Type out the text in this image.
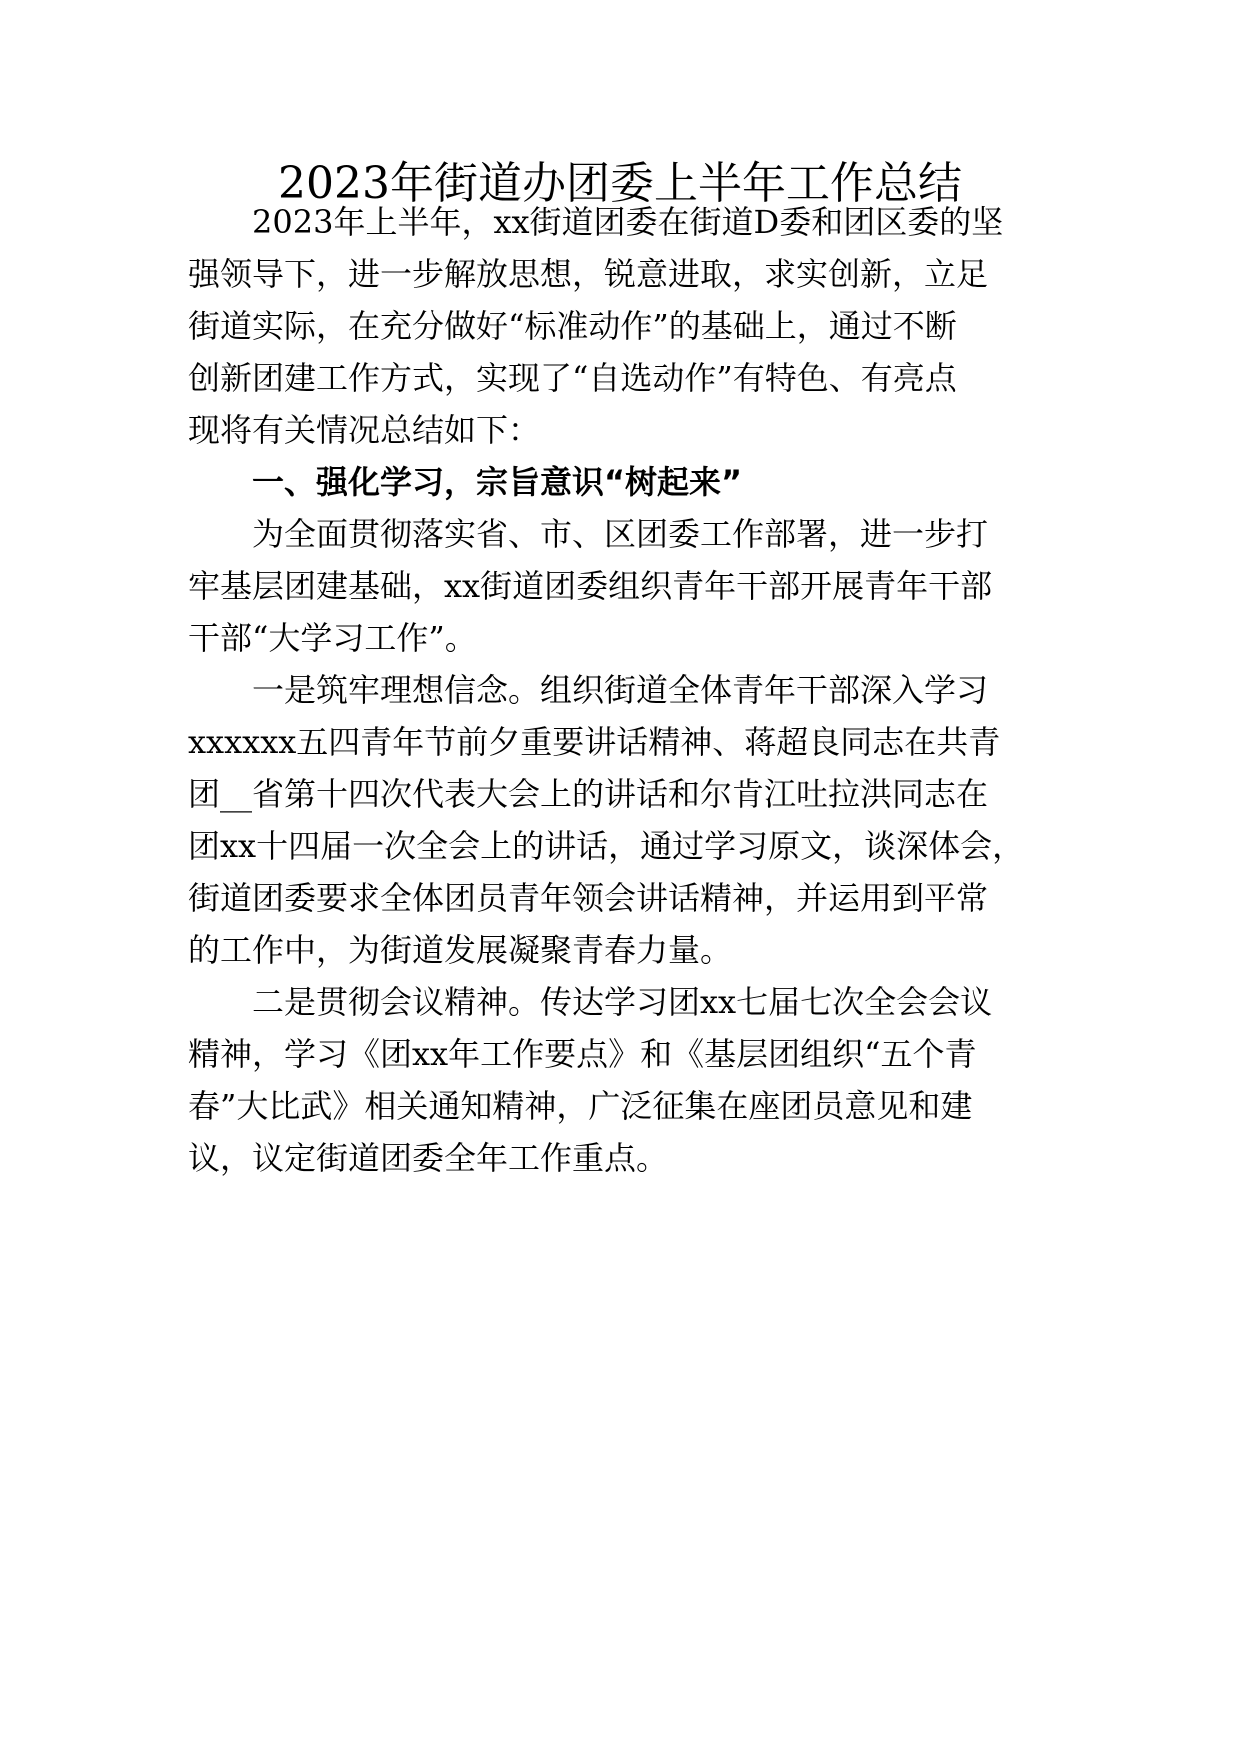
2023年街道办团委上半年工作总结
　　2023年上半年，xx街道团委在街道D委和团区委的坚
强领导下，进一步解放思想，锐意进取，求实创新，立足
街道实际，在充分做好“标准动作”的基础上，通过不断
创新团建工作方式，实现了“自选动作”有特色、有亮点
现将有关情况总结如下：
　　一、强化学习，宗旨意识“树起来”
　　为全面贯彻落实省、市、区团委工作部署，进一步打
牢基层团建基础，xx街道团委组织青年干部开展青年干部
干部“大学习工作”。
　　一是筑牢理想信念。组织街道全体青年干部深入学习
xxxxxx五四青年节前夕重要讲话精神、蒋超良同志在共青
团__省第十四次代表大会上的讲话和尔肯江吐拉洪同志在
团xx十四届一次全会上的讲话，通过学习原文，谈深体会，
街道团委要求全体团员青年领会讲话精神，并运用到平常
的工作中，为街道发展凝聚青春力量。
　　二是贯彻会议精神。传达学习团xx七届七次全会会议
精神，学习《团xx年工作要点》和《基层团组织“五个青
春”大比武》相关通知精神，广泛征集在座团员意见和建
议，议定街道团委全年工作重点。
